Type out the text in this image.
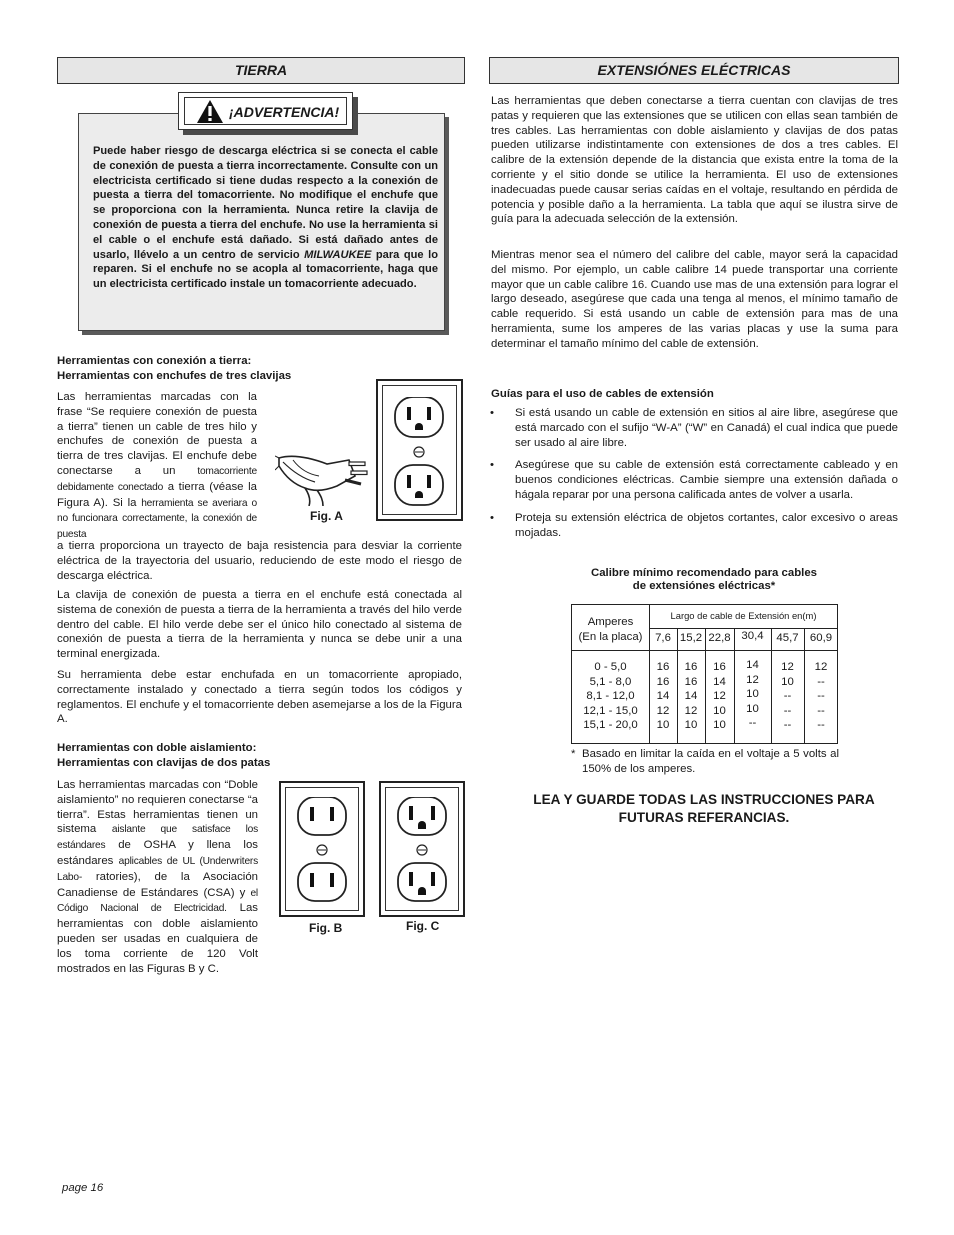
TIERRA

Puede haber riesgo de descarga eléctrica si se conecta el cable de conexión de puesta a tierra incorrectamente. Consulte con un electricista certificado si tiene dudas respecto a la conexión de puesta a tierra del tomacorriente. No modifique el enchufe que se proporciona con la herramienta. Nunca retire la clavija de conexión de puesta a tierra del enchufe. No use la herramienta si el cable o el enchufe está dañado. Si está dañado antes de usarlo, llévelo a un centro de servicio MILWAUKEE para que lo reparen. Si el enchufe no se acopla al tomacorriente, haga que un electricista certificado instale un tomacorriente adecuado.

¡ADVERTENCIA!

Herramientas con conexión a tierra:

Herramientas con enchufes de tres clavijas

Las herramientas marcadas con la frase “Se requiere conexión de puesta a tierra” tienen un cable de tres hilo y enchufes de conexión de puesta a tierra de tres clavijas. El enchufe debe conectarse a un tomacorriente debidamente conectado a tierra (véase la Figura A). Si la herramienta se averiara o no funcionara correctamente, la conexión de puesta

Fig. A

a tierra proporciona un trayecto de baja resistencia para desviar la corriente eléctrica de la trayectoria del usuario, reduciendo de este modo el riesgo de descarga eléctrica.

La clavija de conexión de puesta a tierra en el enchufe está conectada al sistema de conexión de puesta a tierra de la herramienta a través del hilo verde dentro del cable. El hilo verde debe ser el único hilo conectado al sistema de conexión de puesta a tierra de la herramienta y nunca se debe unir a una terminal energizada.

Su herramienta debe estar enchufada en un tomacorriente apropiado, correctamente instalado y conectado a tierra según todos los códigos y reglamentos. El enchufe y el tomacorriente deben asemejarse a los de la Figura A.

Herramientas con doble aislamiento:

Herramientas con clavijas de dos patas

Las herramientas marcadas con “Doble aislamiento” no requieren conectarse “a tierra”. Estas herramientas tienen un sistema aislante que satisface los estándares de OSHA y llena los estándares aplicables de UL (Underwriters Labo- ratories), de la Asociación Canadiense de Estándares (CSA) y el Código Nacional de Electricidad. Las herramientas con doble aislamiento pueden ser usadas en cualquiera de los toma corriente de 120 Volt mostrados en las Figuras B y C.

Fig. B	Fig. C
page 16
EXTENSIÓNES ELÉCTRICAS

Las herramientas que deben conectarse a tierra cuentan con clavijas de tres patas y requieren que las extensiones que se utilicen con ellas sean también de tres cables. Las herramientas con doble aislamiento y clavijas de dos patas pueden utilizarse indistintamente con extensiones de dos a tres cables. El calibre de la extensión depende de la distancia que exista entre la toma de la corriente y el sitio donde se utilice la herramienta. El uso de extensiones inadecuadas puede causar serias caídas en el voltaje, resultando en pérdida de potencia y posible daño a la herramienta. La tabla que aquí se ilustra sirve de guía para la adecuada selección de la extensión.

Mientras menor sea el número del calibre del cable, mayor será la capacidad del mismo. Por ejemplo, un cable calibre 14 puede transportar una corriente mayor que un cable calibre 16. Cuando use mas de una extensión para lograr el largo deseado, asegúrese que cada una tenga al menos, el mínimo tamaño de cable requerido. Si está usando un cable de extensión para mas de una herramienta, sume los amperes de las varias placas y use la suma para determinar el tamaño mínimo del cable de extensión.

Guías para el uso de cables de extensión

• Si está usando un cable de extensión en sitios al aire libre, asegúrese que está marcado con el sufijo “W-A” (“W” en Canadá) el cual indica que puede ser usado al aire libre.
• Asegúrese que su cable de extensión está correctamente cableado y en buenos condiciones eléctricas. Cambie siempre una extensión dañada o hágala reparar por una persona calificada antes de volver a usarla.
• Proteja su extensión eléctrica de objetos cortantes, calor excesivo o areas mojadas.
Calibre mínimo recomendado para cables
de extensiónes eléctricas*
Amperes
(En la placa)
Largo de cable de Extensión en(m)
7,6 15,2 22,8 30,4	45,7 60,9
0 - 5,0
5,1 - 8,0
8,1 - 12,0
12,1 - 15,0
15,1 - 20,0
16
16
14
12
10
16
16
14
12
10
16
14
12
10
10
14
12
10
10
--
12
10
--
--
--
12
--
--
--
--
* Basado en limitar la caída en el voltaje a 5 volts al 150% de los amperes.
LEA Y GUARDE TODAS LAS INSTRUCCIONES PARA
FUTURAS REFERANCIAS.
